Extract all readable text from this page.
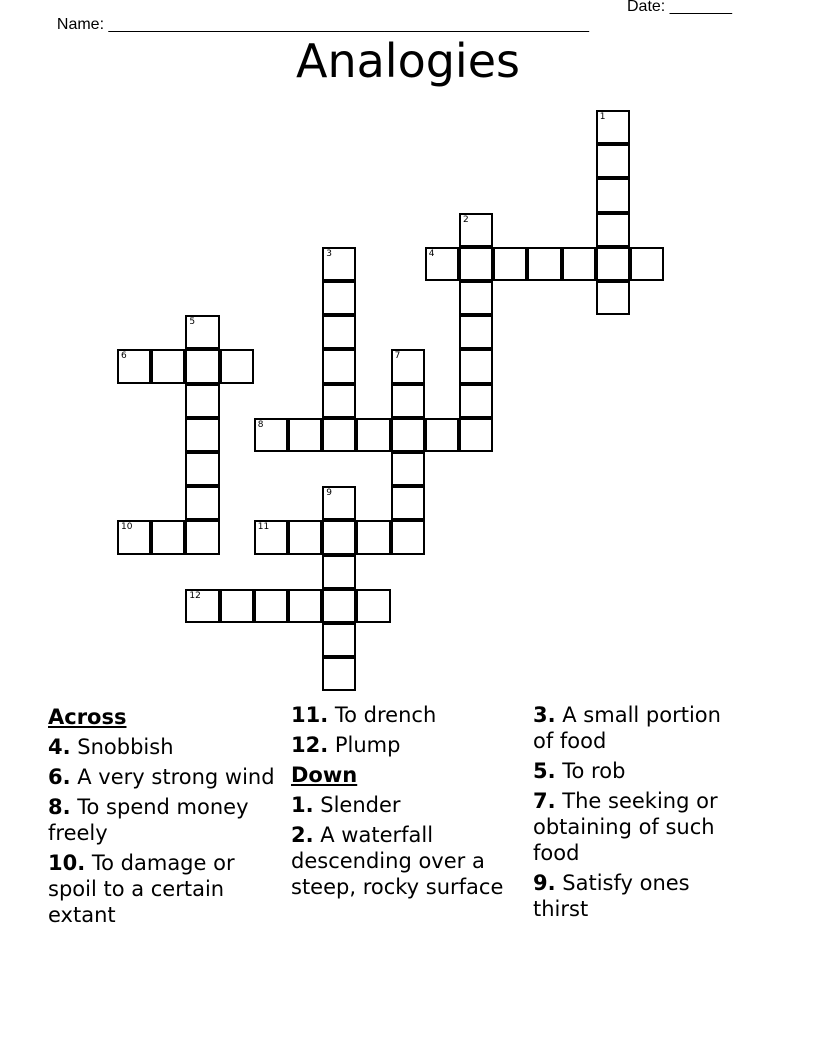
Name: ______________________________________________________

Date: _______

Analogies
1
2
3	4
5
6	7
8
9
10	11
12
Across
4. Snobbish
6. A very strong wind
8. To spend money freely
10. To damage or spoil to a certain extant
11. To drench
12. Plump
Down
1. Slender
2. A waterfall descending over a steep, rocky surface
3. A small portion of food
5. To rob
7. The seeking or obtaining of such food
9. Satisfy ones thirst
